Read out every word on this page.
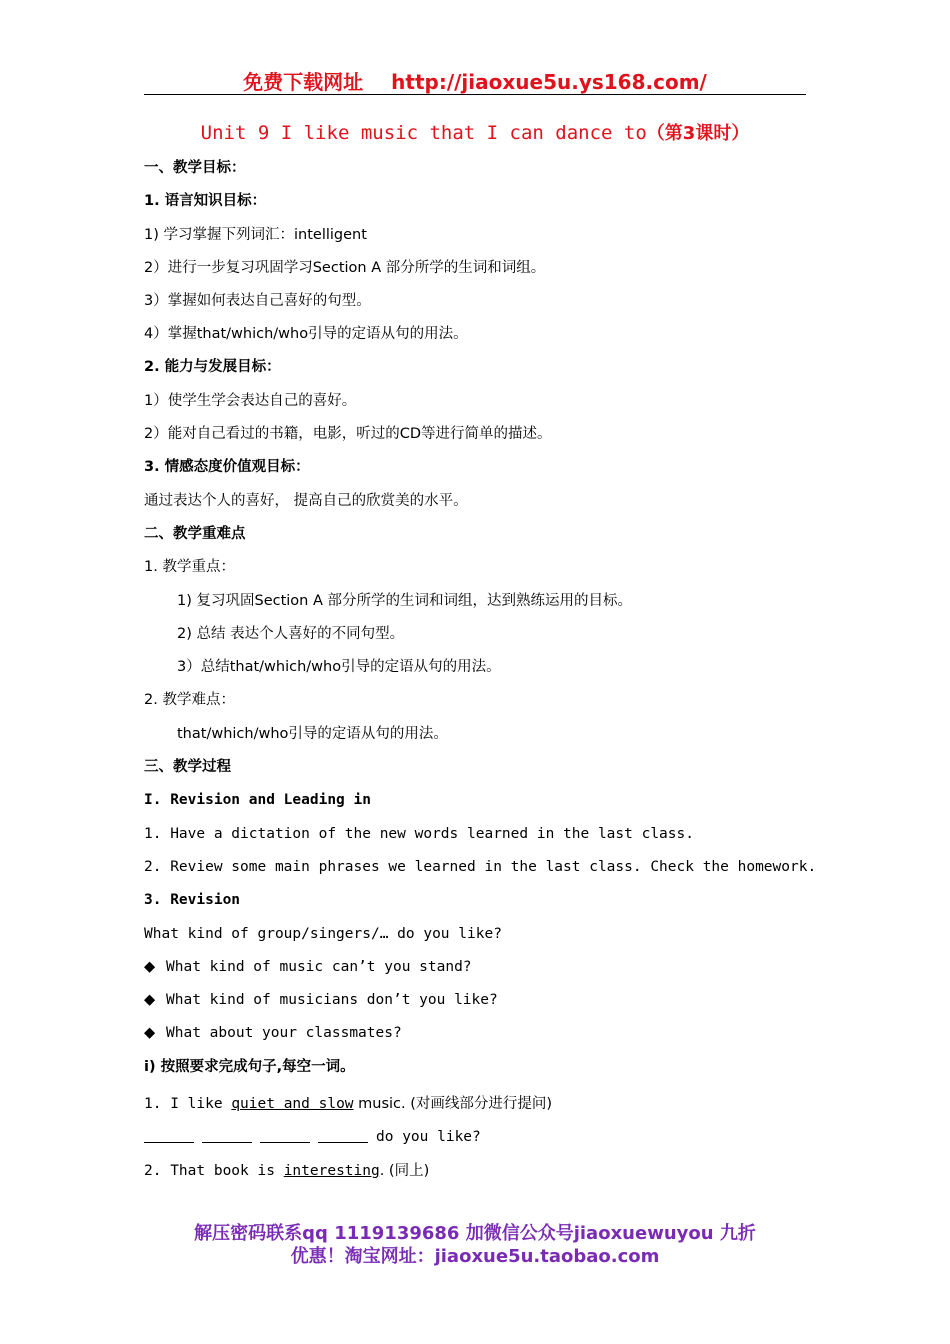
免费下载网址 http://jiaoxue5u.ys168.com/
Unit 9 I like music that I can dance to（第3课时）
一、教学目标：
1. 语言知识目标：
1) 学习掌握下列词汇：intelligent
2）进行一步复习巩固学习Section A 部分所学的生词和词组。
3）掌握如何表达自己喜好的句型。
4）掌握that/which/who引导的定语从句的用法。
2. 能力与发展目标：
1）使学生学会表达自己的喜好。
2）能对自己看过的书籍，电影，听过的CD等进行简单的描述。
3. 情感态度价值观目标：
通过表达个人的喜好， 提高自己的欣赏美的水平。
二、教学重难点
1. 教学重点：
1) 复习巩固Section A 部分所学的生词和词组，达到熟练运用的目标。
2) 总结 表达个人喜好的不同句型。
3）总结that/which/who引导的定语从句的用法。
2. 教学难点：
that/which/who引导的定语从句的用法。
三、教学过程
I. Revision and Leading in
1. Have a dictation of the new words learned in the last class.
2. Review some main phrases we learned in the last class. Check the homework.
3. Revision
What kind of group/singers/… do you like?
◆ What kind of music can’t you stand?
◆ What kind of musicians don’t you like?
◆ What about your classmates?
i) 按照要求完成句子,每空一词。
1. I like quiet and slow music. (对画线部分进行提问)
do you like?
2. That book is interesting. (同上)
解压密码联系qq 1119139686 加微信公众号jiaoxuewuyou 九折
优惠！淘宝网址：jiaoxue5u.taobao.com
